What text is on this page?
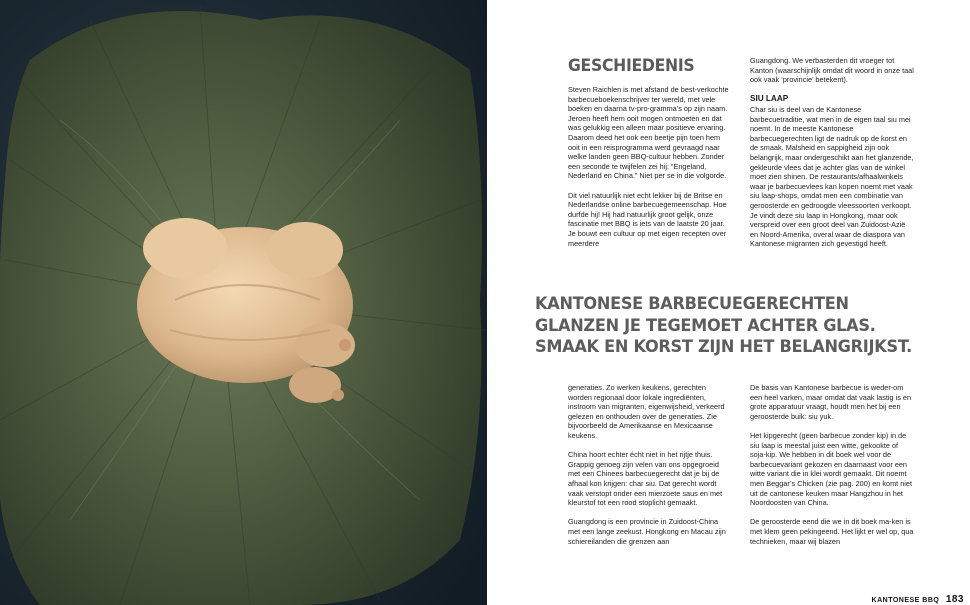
GESCHIEDENIS

Steven Raichlen is met afstand de best-verkochte barbecueboekenschrijver ter wereld, met vele boeken en daarna tv-pro-gramma’s op zijn naam. Jeroen heeft hem ooit mogen ontmoeten en dat was gelukkig een alleen maar positieve ervaring. Daarom deed het ook een beetje pijn toen hem ooit in een reisprogramma werd gevraagd naar welke landen geen BBQ-cultuur hebben. Zonder een seconde te twijfelen zei hij: “Engeland, Nederland en China.” Niet per se in die volgorde.

Dit viel natuurlijk niet echt lekker bij de Britse en Nederlandse online barbecuegemeenschap. Hoe durfde hij! Hij had natuurlijk groot gelijk, onze fascinatie met BBQ is iets van de laatste 20 jaar. Je bouwt een cultuur op met eigen recepten over meerdere

Guangdong. We verbasterden dit vroeger tot Kanton (waarschijnlijk omdat dit woord in onze taal ook vaak ‘provincie’ betekent).

SIU LAAP

Char siu is deel van de Kantonese barbecuetraditie, wat men in de eigen taal siu mei noemt. In de meeste Kantonese barbecuegerechten ligt de nadruk op de korst en de smaak. Malsheid en sappigheid zijn ook belangrijk, maar ondergeschikt aan het glanzende, gekleurde vlees dat je achter glas van de winkel moet zien shinen. De restaurants/afhaalwinkels waar je barbecuevlees kan kopen noemt met vaak siu laap-shops, omdat men een combinatie van geroosterde en gedroogde vleessoorten verkoopt. Je vindt deze siu laap in Hongkong, maar ook verspreid over een groot deel van Zuidoost-Azië en Noord-Amerika, overal waar de diaspora van Kantonese migranten zich gevestigd heeft.

KANTONESE BARBECUEGERECHTEN
GLANZEN JE TEGEMOET ACHTER GLAS.
SMAAK EN KORST ZIJN HET BELANGRIJKST.

generaties. Zo werken keukens, gerechten worden regionaal door lokale ingrediënten, instroom van migranten, eigenwijsheid, verkeerd gelezen en onthouden over de generaties. Zie bijvoorbeeld de Amerikaanse en Mexicaanse keukens.

China hoort echter écht niet in het rijtje thuis. Grappig genoeg zijn velen van ons opgegroeid met een Chinees barbecuegerecht dat je bij de afhaal kon krijgen: char siu. Dat gerecht wordt vaak verstopt onder een mierzoete saus en met kleurstof tot een rood stoplicht gemaakt.

Guangdong is een provincie in Zuidoost-China met een lange zeekust. Hongkong en Macau zijn schiereilanden die grenzen aan

De basis van Kantonese barbecue is weder-om een heel varken, maar omdat dat vaak lastig is en grote apparatuur vraagt, houdt men het bij een geroosterde buik: siu yuk.

Het kipgerecht (geen barbecue zonder kip) in de siu laap is meestal juist een witte, gekookte of soja-kip. We hebben in dit boek wel voor de barbecuevariant gekozen en daarnaast voor een witte variant die in klei wordt gemaakt. Dit noemt men Beggar’s Chicken (zie pag. 200) en komt niet uit de cantonese keuken maar Hangzhou in het Noordoosten van China.

De geroosterde eend die we in dit boek ma-ken is met klem geen pekingeend. Het lijkt er wel op, qua technieken, maar wij blazen

KANTONESE BBQ 183
